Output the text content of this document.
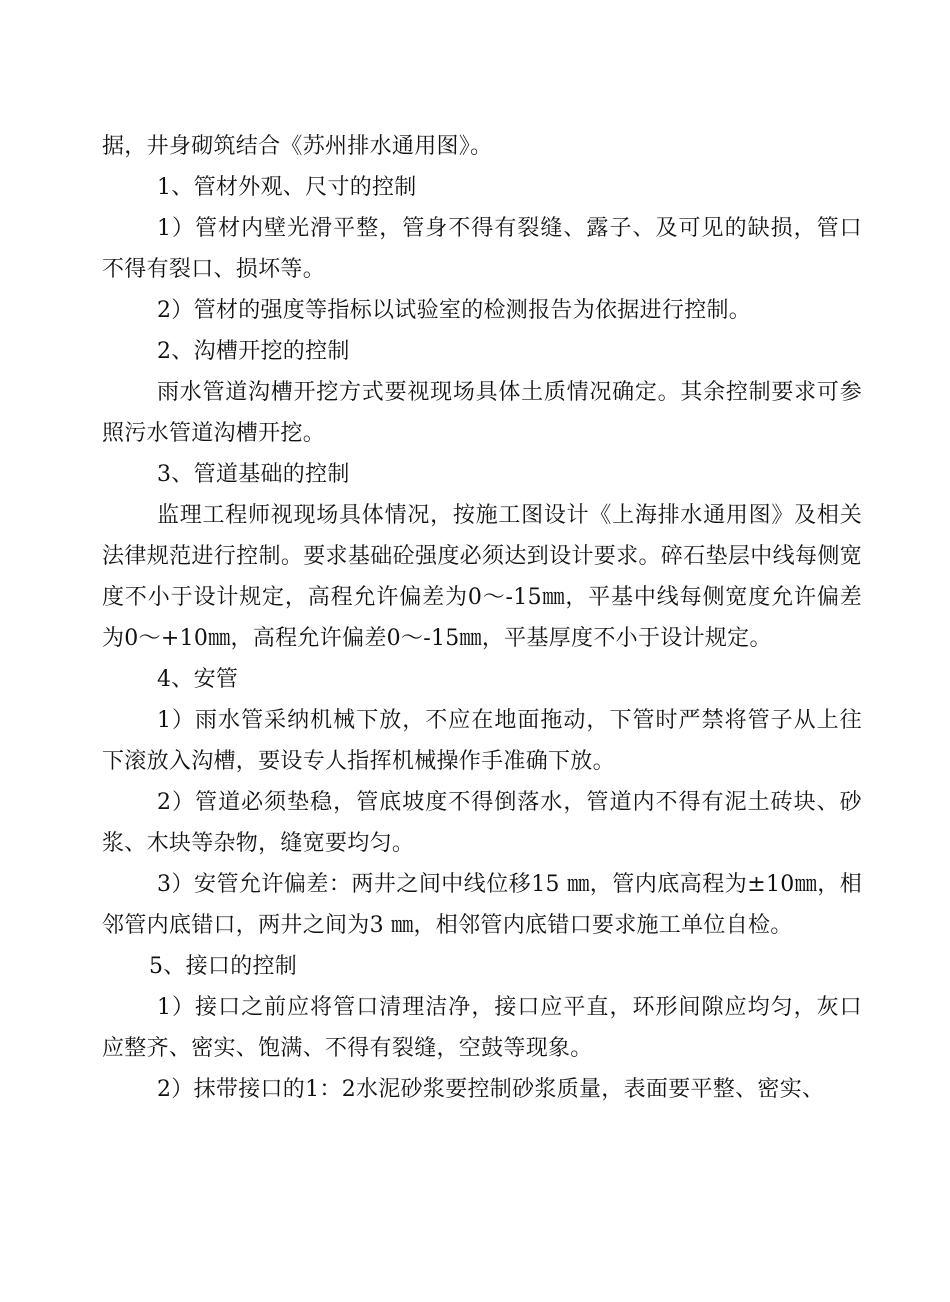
据，井身砌筑结合《苏州排水通用图》。

1、管材外观、尺寸的控制

1）管材内壁光滑平整，管身不得有裂缝、露子、及可见的缺损，管口不得有裂口、损坏等。

2）管材的强度等指标以试验室的检测报告为依据进行控制。

2、沟槽开挖的控制

雨水管道沟槽开挖方式要视现场具体土质情况确定。其余控制要求可参照污水管道沟槽开挖。

3、管道基础的控制

监理工程师视现场具体情况，按施工图设计《上海排水通用图》及相关法律规范进行控制。要求基础砼强度必须达到设计要求。碎石垫层中线每侧宽度不小于设计规定，高程允许偏差为0～-15㎜，平基中线每侧宽度允许偏差为0～+10㎜，高程允许偏差0～-15㎜，平基厚度不小于设计规定。

4、安管

1）雨水管采纳机械下放，不应在地面拖动，下管时严禁将管子从上往下滚放入沟槽，要设专人指挥机械操作手准确下放。

2）管道必须垫稳，管底坡度不得倒落水，管道内不得有泥土砖块、砂浆、木块等杂物，缝宽要均匀。

3）安管允许偏差：两井之间中线位移15 ㎜，管内底高程为±10㎜，相邻管内底错口，两井之间为3 ㎜，相邻管内底错口要求施工单位自检。

5、接口的控制

1）接口之前应将管口清理洁净，接口应平直，环形间隙应均匀，灰口应整齐、密实、饱满、不得有裂缝，空鼓等现象。

2）抹带接口的1：2水泥砂浆要控制砂浆质量，表面要平整、密实、
